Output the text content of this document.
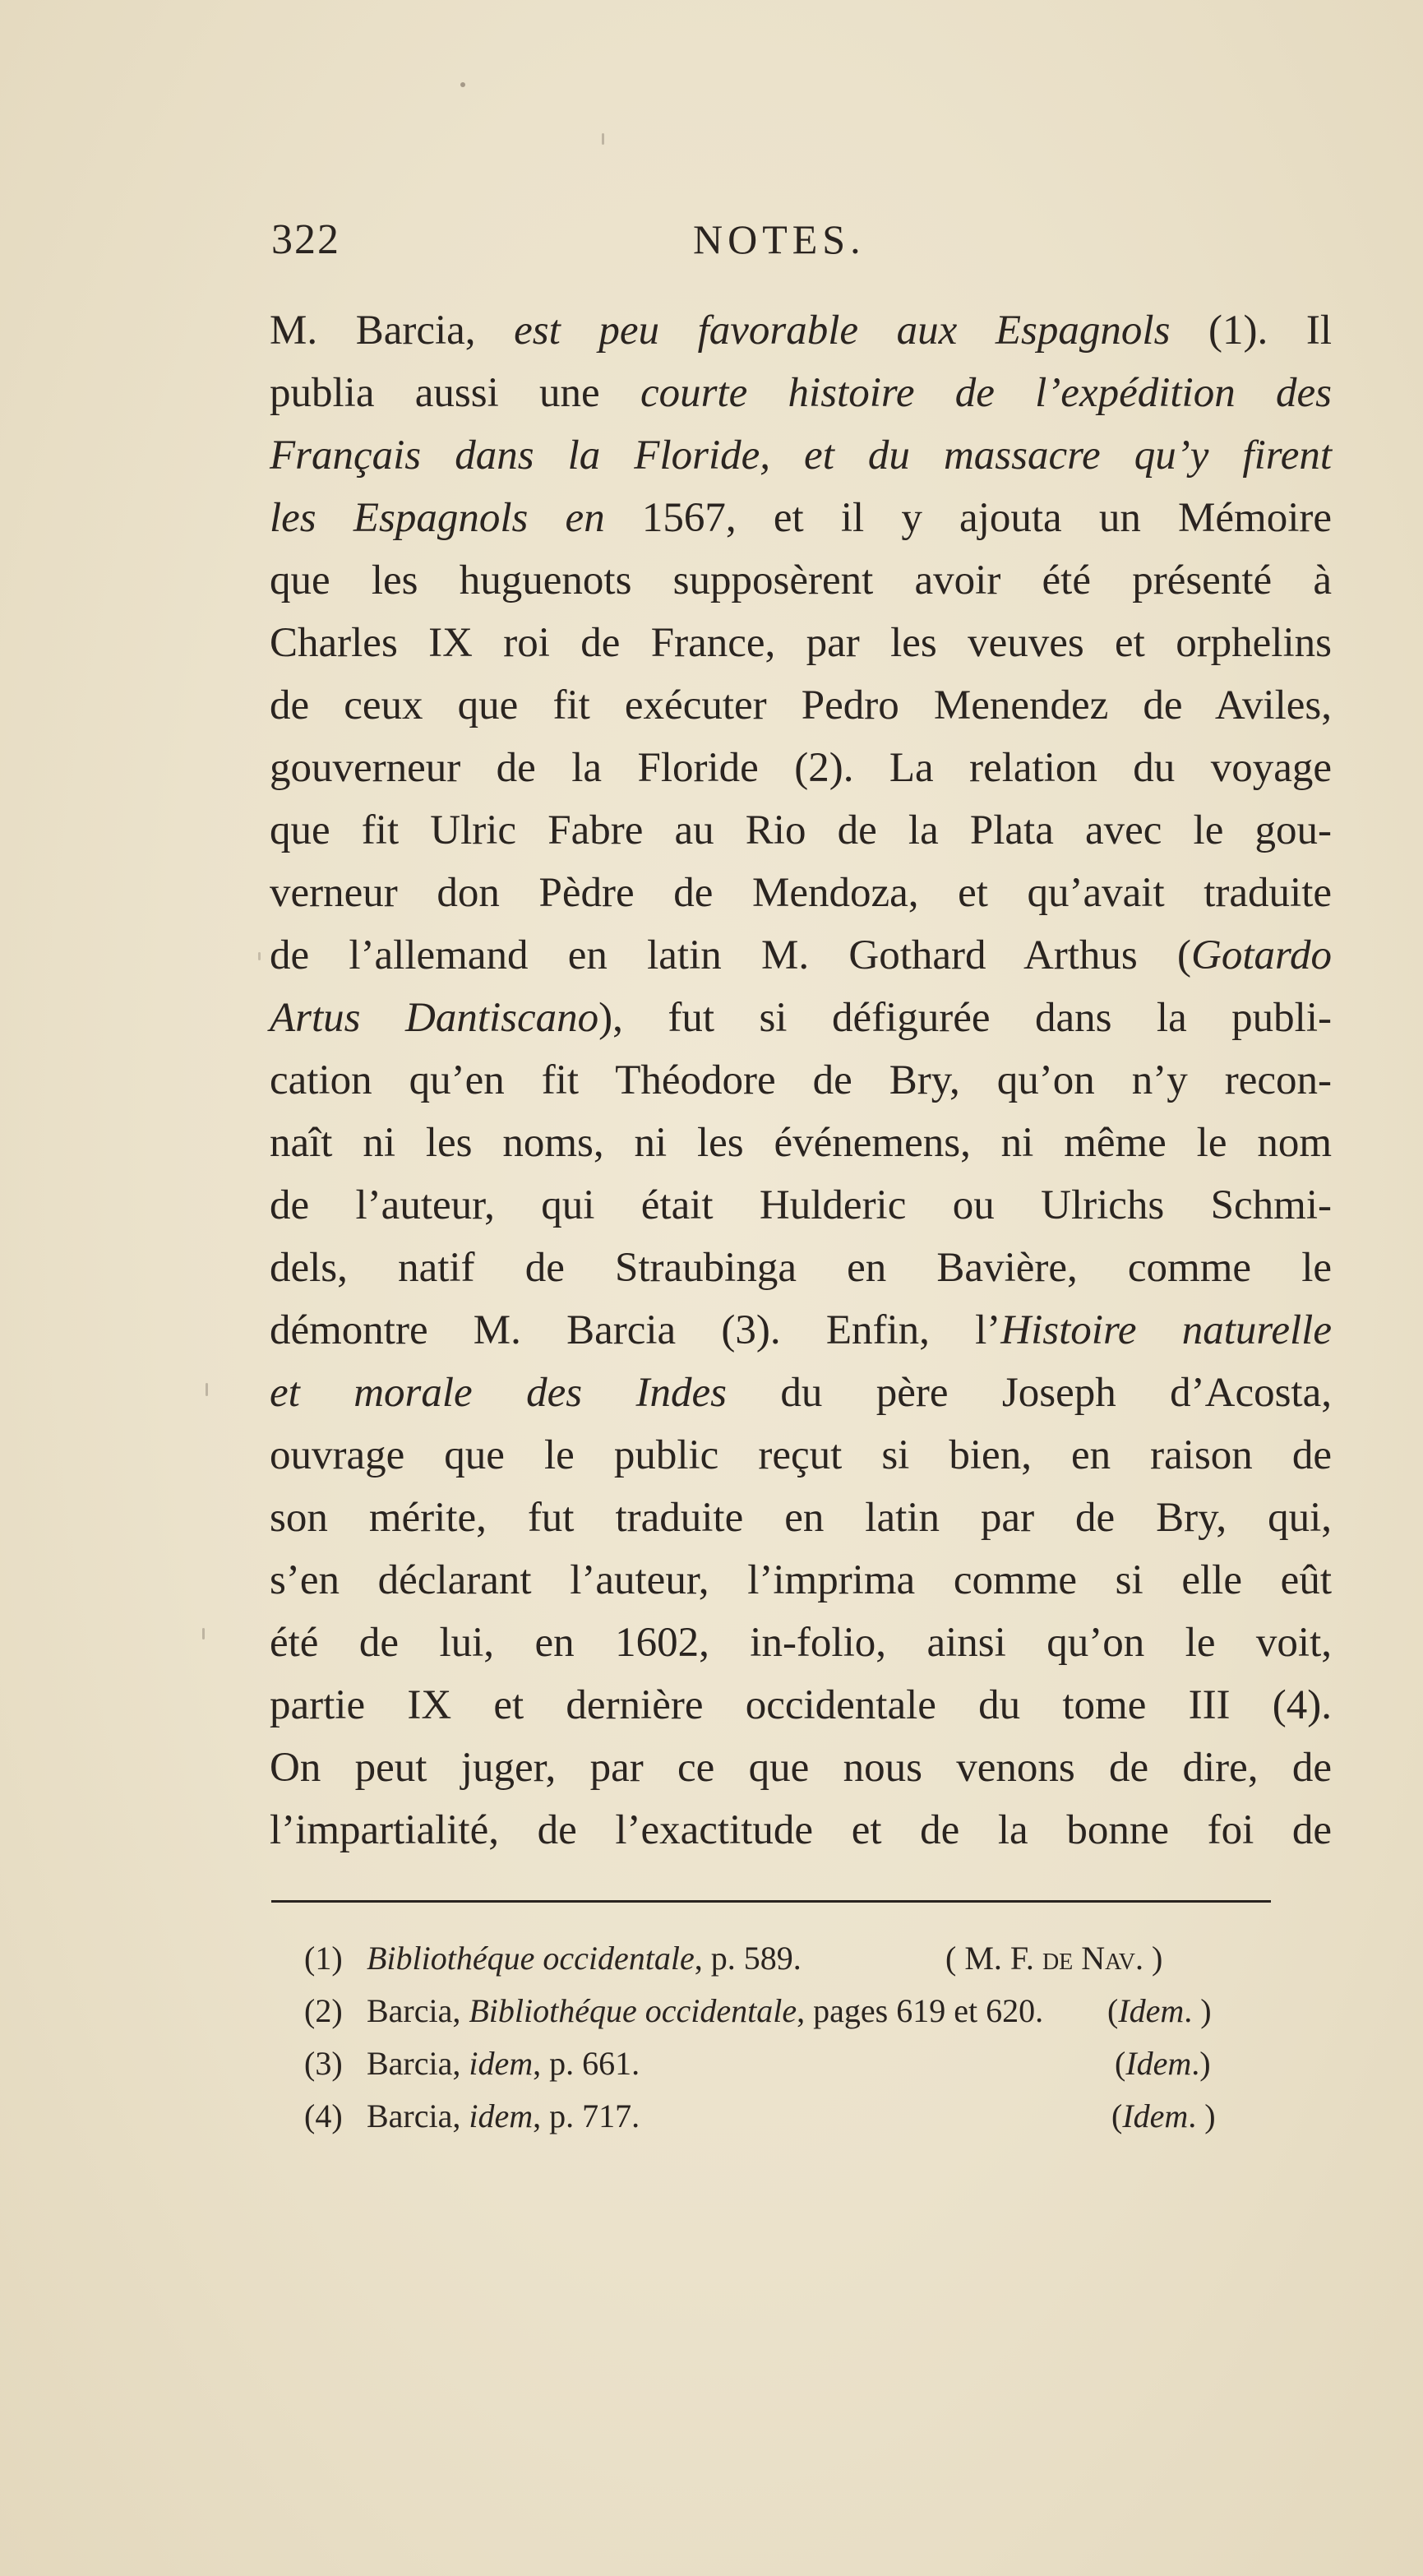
322	NOTES.
M. Barcia, est peu favorable aux Espagnols (1). Il
publia aussi une courte histoire de l’expédition des
Français dans la Floride, et du massacre qu’y firent
les Espagnols en 1567, et il y ajouta un Mémoire
que les huguenots supposèrent avoir été présenté à
Charles IX roi de France, par les veuves et orphelins
de ceux que fit exécuter Pedro Menendez de Aviles,
gouverneur de la Floride (2). La relation du voyage
que fit Ulric Fabre au Rio de la Plata avec le gou-
verneur don Pèdre de Mendoza, et qu’avait traduite
de l’allemand en latin M. Gothard Arthus (Gotardo
Artus Dantiscano), fut si défigurée dans la publi-
cation qu’en fit Théodore de Bry, qu’on n’y recon-
naît ni les noms, ni les événemens, ni même le nom
de l’auteur, qui était Hulderic ou Ulrichs Schmi-
dels, natif de Straubinga en Bavière, comme le
démontre M. Barcia (3). Enfin, l’Histoire naturelle
et morale des Indes du père Joseph d’Acosta,
ouvrage que le public reçut si bien, en raison de
son mérite, fut traduite en latin par de Bry, qui,
s’en déclarant l’auteur, l’imprima comme si elle eût
été de lui, en 1602, in-folio, ainsi qu’on le voit,
partie IX et dernière occidentale du tome III (4).
On peut juger, par ce que nous venons de dire, de
l’impartialité, de l’exactitude et de la bonne foi de
(1) Bibliothéque occidentale, p. 589.	( M. F. de Nav. )
(2) Barcia, Bibliothéque occidentale, pages 619 et 620. (Idem. )
(3) Barcia, idem, p. 661.	(Idem.)
(4) Barcia, idem, p. 717.	(Idem. )
